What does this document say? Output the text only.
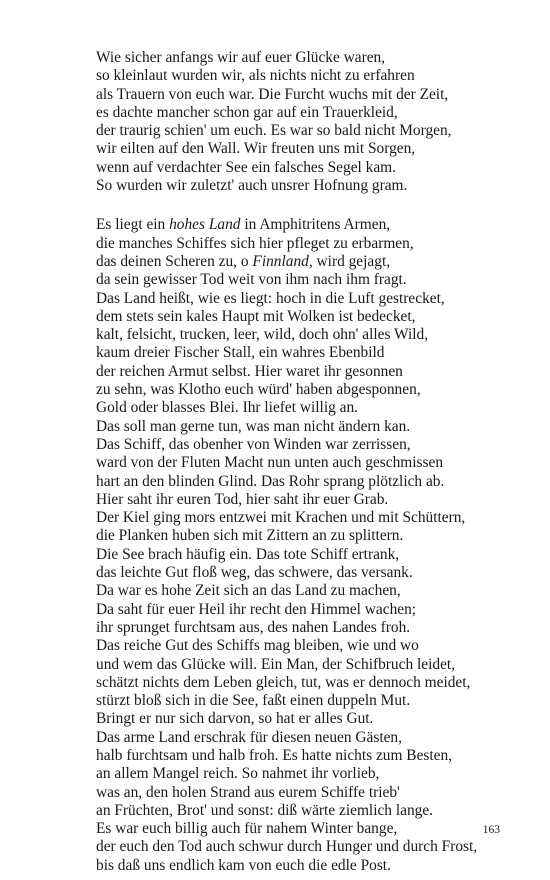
Wie sicher anfangs wir auf euer Glücke waren,
so kleinlaut wurden wir, als nichts nicht zu erfahren
als Trauern von euch war. Die Furcht wuchs mit der Zeit,
es dachte mancher schon gar auf ein Trauerkleid,
der traurig schien' um euch. Es war so bald nicht Morgen,
wir eilten auf den Wall. Wir freuten uns mit Sorgen,
wenn auf verdachter See ein falsches Segel kam.
So wurden wir zuletzt' auch unsrer Hofnung gram.
Es liegt ein hohes Land in Amphitritens Armen,
die manches Schiffes sich hier pfleget zu erbarmen,
das deinen Scheren zu, o Finnland, wird gejagt,
da sein gewisser Tod weit von ihm nach ihm fragt.
Das Land heißt, wie es liegt: hoch in die Luft gestrecket,
dem stets sein kales Haupt mit Wolken ist bedecket,
kalt, felsicht, trucken, leer, wild, doch ohn' alles Wild,
kaum dreier Fischer Stall, ein wahres Ebenbild
der reichen Armut selbst. Hier waret ihr gesonnen
zu sehn, was Klotho euch würd' haben abgesponnen,
Gold oder blasses Blei. Ihr liefet willig an.
Das soll man gerne tun, was man nicht ändern kan.
Das Schiff, das obenher von Winden war zerrissen,
ward von der Fluten Macht nun unten auch geschmissen
hart an den blinden Glind. Das Rohr sprang plötzlich ab.
Hier saht ihr euren Tod, hier saht ihr euer Grab.
Der Kiel ging mors entzwei mit Krachen und mit Schüttern,
die Planken huben sich mit Zittern an zu splittern.
Die See brach häufig ein. Das tote Schiff ertrank,
das leichte Gut floß weg, das schwere, das versank.
Da war es hohe Zeit sich an das Land zu machen,
Da saht für euer Heil ihr recht den Himmel wachen;
ihr sprunget furchtsam aus, des nahen Landes froh.
Das reiche Gut des Schiffs mag bleiben, wie und wo
und wem das Glücke will. Ein Man, der Schifbruch leidet,
schätzt nichts dem Leben gleich, tut, was er dennoch meidet,
stürzt bloß sich in die See, faßt einen duppeln Mut.
Bringt er nur sich darvon, so hat er alles Gut.
Das arme Land erschrak für diesen neuen Gästen,
halb furchtsam und halb froh. Es hatte nichts zum Besten,
an allem Mangel reich. So nahmet ihr vorlieb,
was an, den holen Strand aus eurem Schiffe trieb'
an Früchten, Brot' und sonst: diß wärte ziemlich lange.
Es war euch billig auch für nahem Winter bange,
der euch den Tod auch schwur durch Hunger und durch Frost,
bis daß uns endlich kam von euch die edle Post.
163
